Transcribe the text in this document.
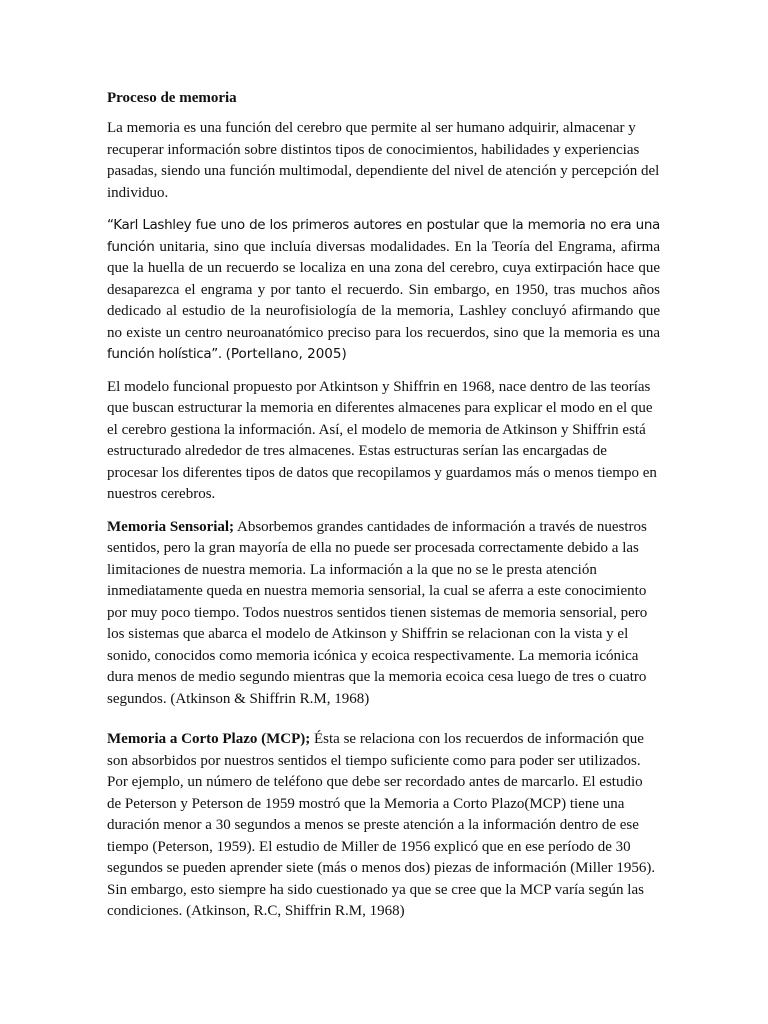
Proceso de memoria

La memoria es una función del cerebro que permite al ser humano adquirir, almacenar y recuperar información sobre distintos tipos de conocimientos, habilidades y experiencias pasadas, siendo una función multimodal, dependiente del nivel de atención y percepción del individuo.

“Karl Lashley fue uno de los primeros autores en postular que la memoria no era una función unitaria, sino que incluía diversas modalidades. En la Teoría del Engrama, afirma que la huella de un recuerdo se localiza en una zona del cerebro, cuya extirpación hace que desaparezca el engrama y por tanto el recuerdo. Sin embargo, en 1950, tras muchos años dedicado al estudio de la neurofisiología de la memoria, Lashley concluyó afirmando que no existe un centro neuroanatómico preciso para los recuerdos, sino que la memoria es una función holística”. (Portellano, 2005)

El modelo funcional propuesto por Atkintson y Shiffrin en 1968, nace dentro de las teorías que buscan estructurar la memoria en diferentes almacenes para explicar el modo en el que el cerebro gestiona la información. Así, el modelo de memoria de Atkinson y Shiffrin está estructurado alrededor de tres almacenes. Estas estructuras serían las encargadas de procesar los diferentes tipos de datos que recopilamos y guardamos más o menos tiempo en nuestros cerebros.

Memoria Sensorial; Absorbemos grandes cantidades de información a través de nuestros sentidos, pero la gran mayoría de ella no puede ser procesada correctamente debido a las limitaciones de nuestra memoria. La información a la que no se le presta atención inmediatamente queda en nuestra memoria sensorial, la cual se aferra a este conocimiento por muy poco tiempo. Todos nuestros sentidos tienen sistemas de memoria sensorial, pero los sistemas que abarca el modelo de Atkinson y Shiffrin se relacionan con la vista y el sonido, conocidos como memoria icónica y ecoica respectivamente. La memoria icónica dura menos de medio segundo mientras que la memoria ecoica cesa luego de tres o cuatro segundos. (Atkinson & Shiffrin R.M, 1968)

Memoria a Corto Plazo (MCP); Ésta se relaciona con los recuerdos de información que son absorbidos por nuestros sentidos el tiempo suficiente como para poder ser utilizados. Por ejemplo, un número de teléfono que debe ser recordado antes de marcarlo. El estudio de Peterson y Peterson de 1959 mostró que la Memoria a Corto Plazo(MCP) tiene una duración menor a 30 segundos a menos se preste atención a la información dentro de ese tiempo (Peterson, 1959). El estudio de Miller de 1956 explicó que en ese período de 30 segundos se pueden aprender siete (más o menos dos) piezas de información (Miller 1956). Sin embargo, esto siempre ha sido cuestionado ya que se cree que la MCP varía según las condiciones. (Atkinson, R.C, Shiffrin R.M, 1968)
